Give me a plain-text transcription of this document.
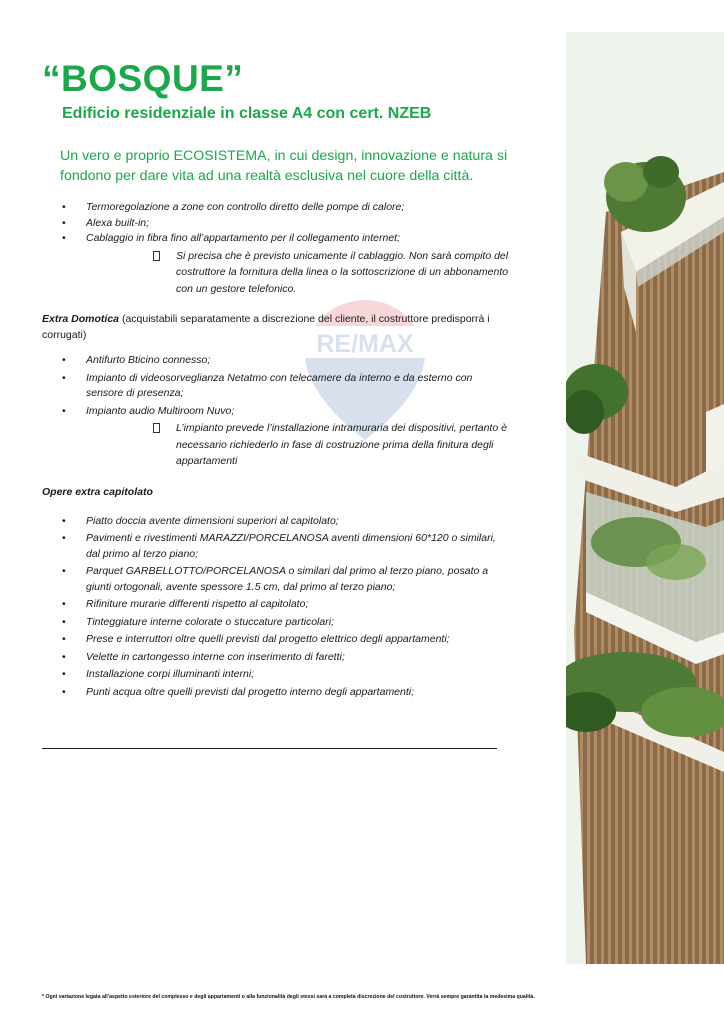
“BOSQUE”
Edificio residenziale in classe A4 con cert. NZEB

Un vero e proprio ECOSISTEMA, in cui design, innovazione e natura si fondono per dare vita ad una realtà esclusiva nel cuore della città.

RE/MAX
• Termoregolazione a zone con controllo diretto delle pompe di calore;
• Alexa built-in;
• Cablaggio in fibra fino all’appartamento per il collegamento internet;
Si precisa che è previsto unicamente il cablaggio. Non sarà compito del costruttore la fornitura della linea o la sottoscrizione di un abbonamento con un gestore telefonico.

Extra Domotica (acquistabili separatamente a discrezione del cliente, il costruttore predisporrà i corrugati)

• Antifurto Bticino connesso;
• Impianto di videosorveglianza Netatmo con telecamere da interno e da esterno con sensore di presenza;
• Impianto audio Multiroom Nuvo;
L’impianto prevede l’installazione intramuraria dei dispositivi, pertanto è necessario richiederlo in fase di costruzione prima della finitura degli appartamenti

Opere extra capitolato

• Piatto doccia avente dimensioni superiori al capitolato;
• Pavimenti e rivestimenti MARAZZI/PORCELANOSA aventi dimensioni 60*120 o similari, dal primo al terzo piano;
• Parquet GARBELLOTTO/PORCELANOSA o similari dal primo al terzo piano, posato a giunti ortogonali, avente spessore 1.5 cm, dal primo al terzo piano;
• Rifiniture murarie differenti rispetto al capitolato;
• Tinteggiature interne colorate o stuccature particolari;
• Prese e interruttori oltre quelli previsti dal progetto elettrico degli appartamenti;
• Velette in cartongesso interne con inserimento di faretti;
• Installazione corpi illuminanti interni;
• Punti acqua oltre quelli previsti dal progetto interno degli appartamenti;
* Ogni variazione legata all’aspetto esteriore del complesso e degli appartamenti o alla funzionalità degli stessi sarà a completa discrezione del costruttore. Verrà sempre garantita la medesima qualità.
